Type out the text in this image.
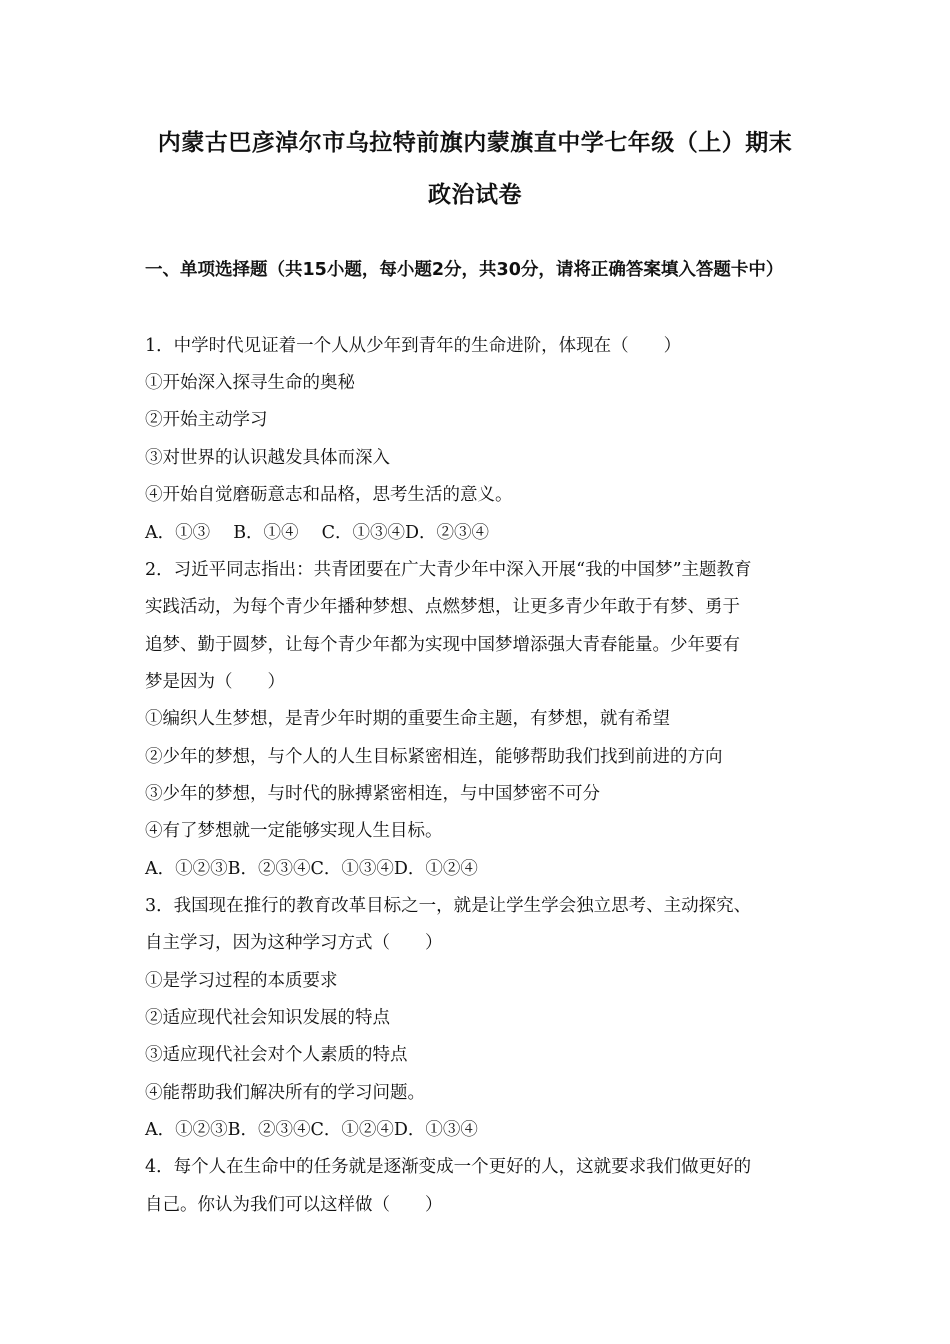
内蒙古巴彦淖尔市乌拉特前旗内蒙旗直中学七年级（上）期末
政治试卷
一、单项选择题（共15小题，每小题2分，共30分，请将正确答案填入答题卡中）
1．中学时代见证着一个人从少年到青年的生命进阶，体现在（　　）
①开始深入探寻生命的奥秘
②开始主动学习
③对世界的认识越发具体而深入
④开始自觉磨砺意志和品格，思考生活的意义。
A．①③　 B．①④　 C．①③④D．②③④
2．习近平同志指出：共青团要在广大青少年中深入开展“我的中国梦”主题教育
实践活动，为每个青少年播种梦想、点燃梦想，让更多青少年敢于有梦、勇于
追梦、勤于圆梦，让每个青少年都为实现中国梦增添强大青春能量。少年要有
梦是因为（　　）
①编织人生梦想，是青少年时期的重要生命主题，有梦想，就有希望
②少年的梦想，与个人的人生目标紧密相连，能够帮助我们找到前进的方向
③少年的梦想，与时代的脉搏紧密相连，与中国梦密不可分
④有了梦想就一定能够实现人生目标。
A．①②③B．②③④C．①③④D．①②④
3．我国现在推行的教育改革目标之一，就是让学生学会独立思考、主动探究、
自主学习，因为这种学习方式（　　）
①是学习过程的本质要求
②适应现代社会知识发展的特点
③适应现代社会对个人素质的特点
④能帮助我们解决所有的学习问题。
A．①②③B．②③④C．①②④D．①③④
4．每个人在生命中的任务就是逐渐变成一个更好的人，这就要求我们做更好的
自己。你认为我们可以这样做（　　）
